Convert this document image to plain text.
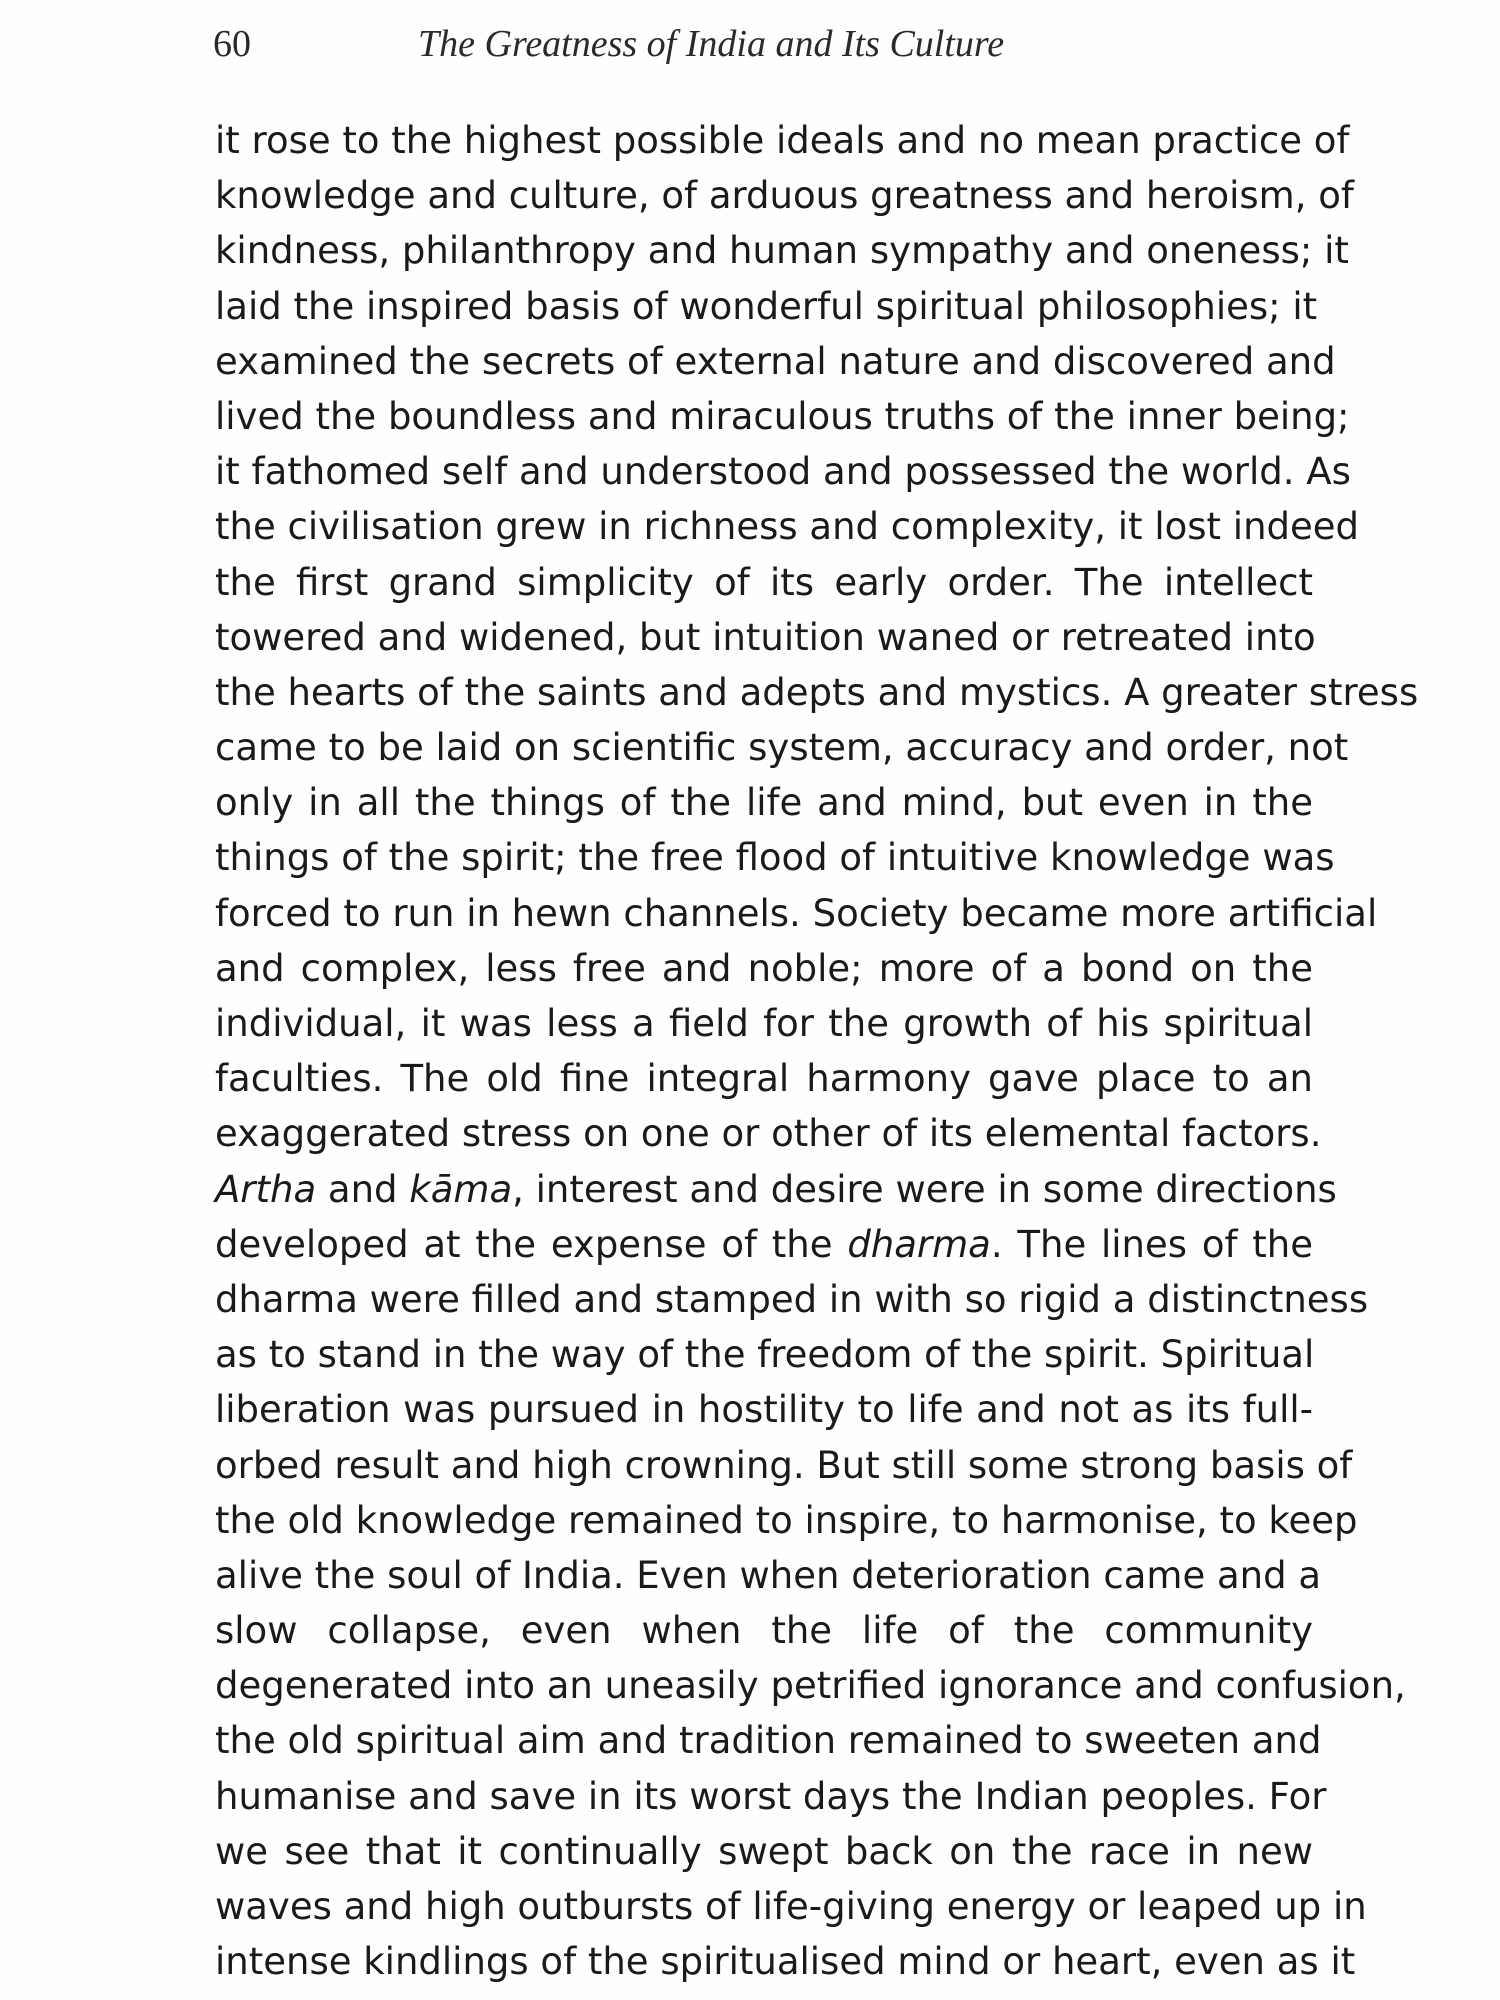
60	The Greatness of India and Its Culture
it rose to the highest possible ideals and no mean practice of
knowledge and culture, of arduous greatness and heroism, of
kindness, philanthropy and human sympathy and oneness; it
laid the inspired basis of wonderful spiritual philosophies; it
examined the secrets of external nature and discovered and
lived the boundless and miraculous truths of the inner being;
it fathomed self and understood and possessed the world. As
the civilisation grew in richness and complexity, it lost indeed
the first grand simplicity of its early order. The intellect
towered and widened, but intuition waned or retreated into
the hearts of the saints and adepts and mystics. A greater stress
came to be laid on scientific system, accuracy and order, not
only in all the things of the life and mind, but even in the
things of the spirit; the free flood of intuitive knowledge was
forced to run in hewn channels. Society became more artificial
and complex, less free and noble; more of a bond on the
individual, it was less a field for the growth of his spiritual
faculties. The old fine integral harmony gave place to an
exaggerated stress on one or other of its elemental factors.
Artha and kāma, interest and desire were in some directions
developed at the expense of the dharma. The lines of the
dharma were filled and stamped in with so rigid a distinctness
as to stand in the way of the freedom of the spirit. Spiritual
liberation was pursued in hostility to life and not as its full-
orbed result and high crowning. But still some strong basis of
the old knowledge remained to inspire, to harmonise, to keep
alive the soul of India. Even when deterioration came and a
slow collapse, even when the life of the community
degenerated into an uneasily petrified ignorance and confusion,
the old spiritual aim and tradition remained to sweeten and
humanise and save in its worst days the Indian peoples. For
we see that it continually swept back on the race in new
waves and high outbursts of life-giving energy or leaped up in
intense kindlings of the spiritualised mind or heart, even as it
